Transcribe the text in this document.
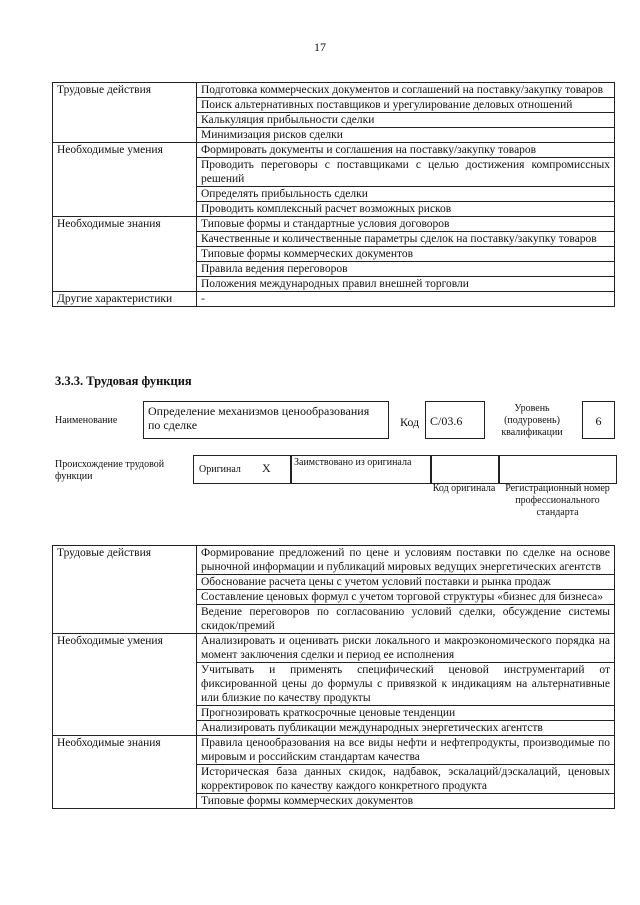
17
Трудовые действия	Подготовка коммерческих документов и соглашений на поставку/закупку товаров
	Поиск альтернативных поставщиков и урегулирование деловых отношений
	Калькуляция прибыльности сделки
	Минимизация рисков сделки
Необходимые умения	Формировать документы и соглашения на поставку/закупку товаров
	Проводить переговоры с поставщиками с целью достижения компромиссных решений
	Определять прибыльность сделки
	Проводить комплексный расчет возможных рисков
Необходимые знания	Типовые формы и стандартные условия договоров
	Качественные и количественные параметры сделок на поставку/закупку товаров
	Типовые формы коммерческих документов
	Правила ведения переговоров
	Положения международных правил внешней торговли
Другие характеристики	-
3.3.3. Трудовая функция
Наименование
Определение механизмов ценообразования по сделке	Код C/03.6
Уровень (подуровень) квалификации
6
Происхождение трудовой функции
Оригинал X Заимствовано из оригинала
Код оригинала Регистрационный номер профессионального стандарта
Трудовые действия	Формирование предложений по цене и условиям поставки по сделке на основе рыночной информации и публикаций мировых ведущих энергетических агентств
	Обоснование расчета цены с учетом условий поставки и рынка продаж
	Составление ценовых формул с учетом торговой структуры «бизнес для бизнеса»
	Ведение переговоров по согласованию условий сделки, обсуждение системы скидок/премий
Необходимые умения	Анализировать и оценивать риски локального и макроэкономического порядка на момент заключения сделки и период ее исполнения
	Учитывать и применять специфический ценовой инструментарий от фиксированной цены до формулы с привязкой к индикациям на альтернативные или близкие по качеству продукты
	Прогнозировать краткосрочные ценовые тенденции
	Анализировать публикации международных энергетических агентств
Необходимые знания	Правила ценообразования на все виды нефти и нефтепродукты, производимые по мировым и российским стандартам качества
	Историческая база данных скидок, надбавок, эскалаций/дэскалаций, ценовых корректировок по качеству каждого конкретного продукта
	Типовые формы коммерческих документов
